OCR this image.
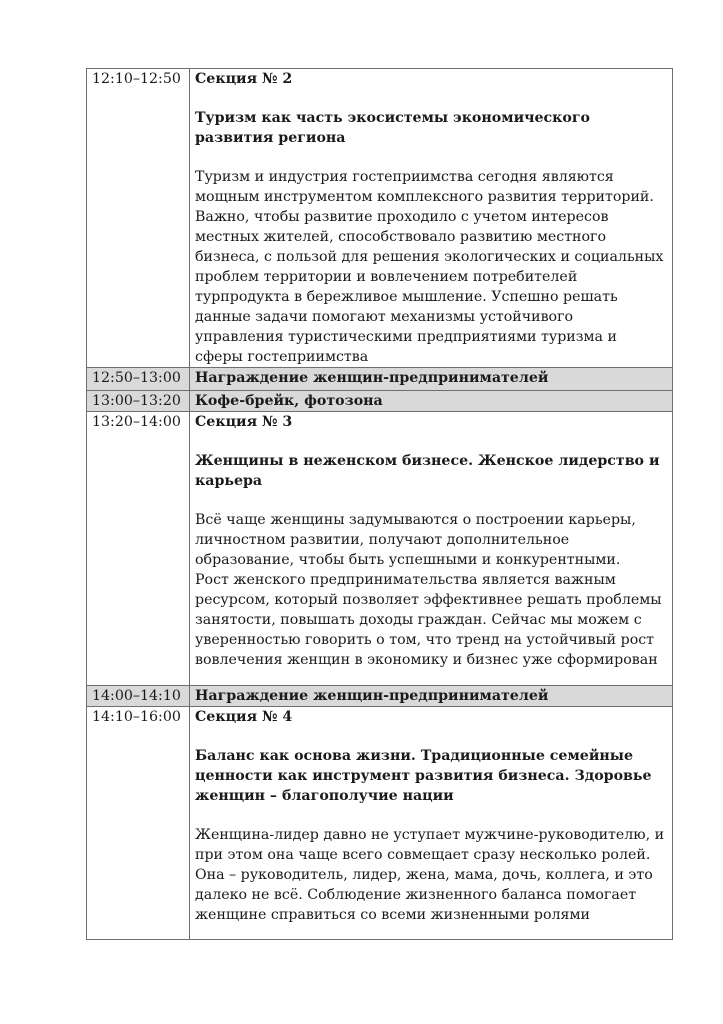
12:10–12:50	Секция № 2
Туризм как часть экосистемы экономического развития региона

Туризм и индустрия гостеприимства сегодня являются мощным инструментом комплексного развития территорий. Важно, чтобы развитие проходило с учетом интересов местных жителей, способствовало развитию местного бизнеса, с пользой для решения экологических и социальных проблем территории и вовлечением потребителей турпродукта в бережливое мышление. Успешно решать данные задачи помогают механизмы устойчивого управления туристическими предприятиями туризма и сферы гостеприимства

12:50–13:00	Награждение женщин-предпринимателей

13:00–13:20	Кофе-брейк, фотозона

13:20–14:00	Секция № 3
Женщины в неженском бизнесе. Женское лидерство и карьера

Всё чаще женщины задумываются о построении карьеры, личностном развитии, получают дополнительное образование, чтобы быть успешными и конкурентными.

Рост женского предпринимательства является важным ресурсом, который позволяет эффективнее решать проблемы занятости, повышать доходы граждан. Сейчас мы можем с уверенностью говорить о том, что тренд на устойчивый рост вовлечения женщин в экономику и бизнес уже сформирован

14:00–14:10	Награждение женщин-предпринимателей

14:10–16:00	Секция № 4
Баланс как основа жизни. Традиционные семейные ценности как инструмент развития бизнеса. Здоровье женщин – благополучие нации

Женщина-лидер давно не уступает мужчине-руководителю, и при этом она чаще всего совмещает сразу несколько ролей. Она – руководитель, лидер, жена, мама, дочь, коллега, и это далеко не всё. Соблюдение жизненного баланса помогает женщине справиться со всеми жизненными ролями
